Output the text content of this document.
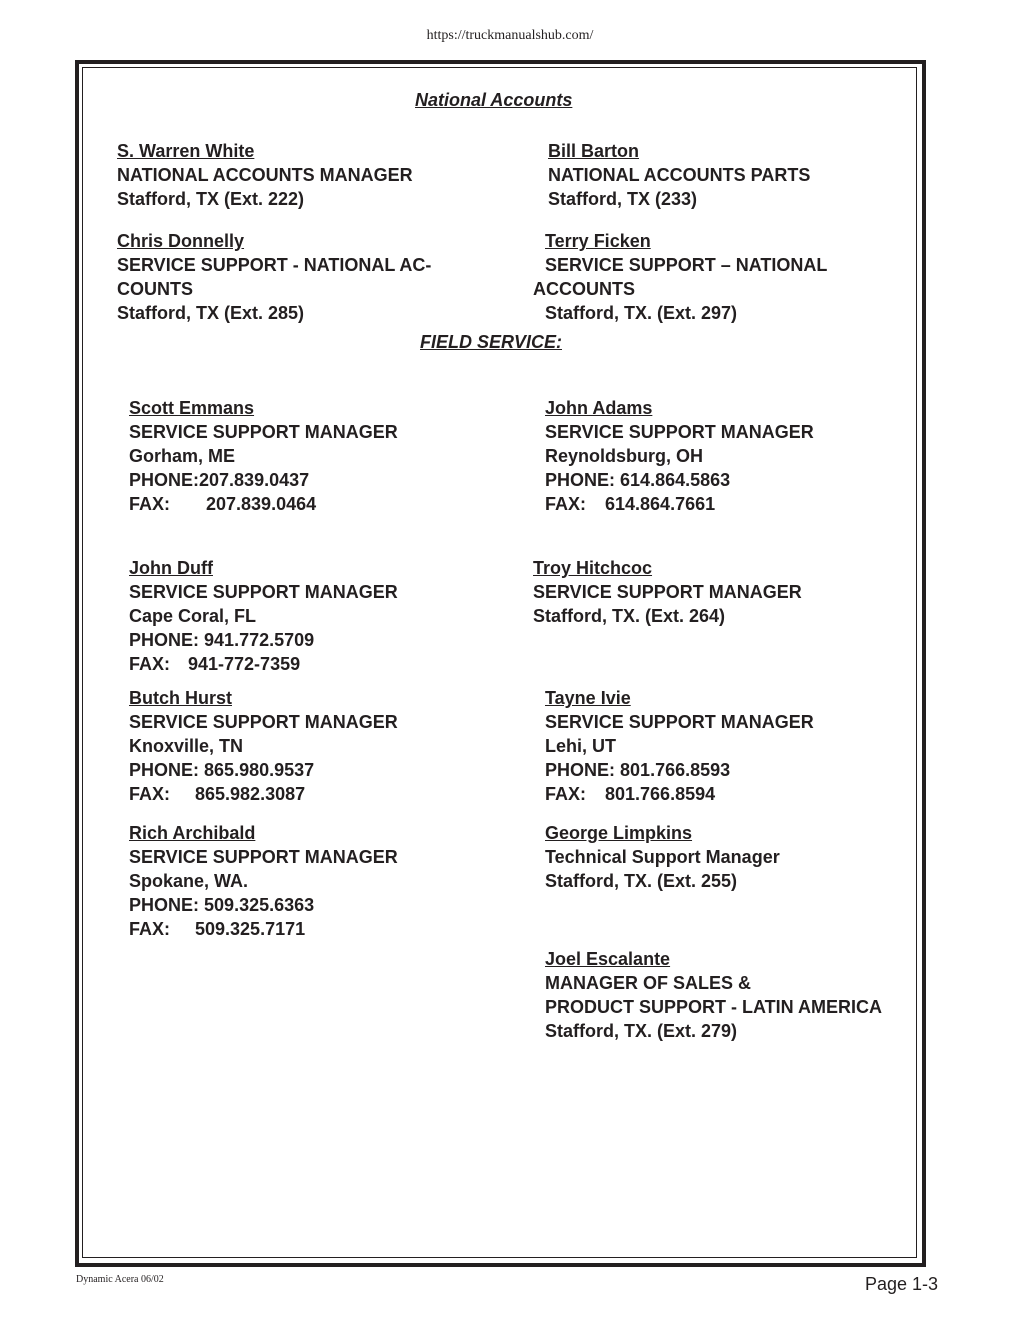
https://truckmanualshub.com/
National Accounts
S. Warren White
NATIONAL ACCOUNTS MANAGER
Stafford, TX (Ext. 222)
Bill Barton
NATIONAL ACCOUNTS PARTS
Stafford, TX (233)
Chris Donnelly
SERVICE SUPPORT - NATIONAL AC-
COUNTS
Stafford, TX (Ext. 285)
Terry Ficken
SERVICE SUPPORT – NATIONAL
ACCOUNTS
Stafford, TX. (Ext. 297)
FIELD SERVICE:
Scott Emmans
SERVICE SUPPORT MANAGER
Gorham, ME
PHONE:207.839.0437
FAX: 207.839.0464
John Adams
SERVICE SUPPORT MANAGER
Reynoldsburg, OH
PHONE: 614.864.5863
FAX: 614.864.7661
John Duff
SERVICE SUPPORT MANAGER
Cape Coral, FL
PHONE: 941.772.5709
FAX: 941-772-7359
Troy Hitchcoc
SERVICE SUPPORT MANAGER
Stafford, TX. (Ext. 264)
Butch Hurst
SERVICE SUPPORT MANAGER
Knoxville, TN
PHONE: 865.980.9537
FAX: 865.982.3087
Tayne Ivie
SERVICE SUPPORT MANAGER
Lehi, UT
PHONE: 801.766.8593
FAX: 801.766.8594
Rich Archibald
SERVICE SUPPORT MANAGER
Spokane, WA.
PHONE: 509.325.6363
FAX: 509.325.7171
George Limpkins
Technical Support Manager
Stafford, TX. (Ext. 255)
Joel Escalante
MANAGER OF SALES &
PRODUCT SUPPORT - LATIN AMERICA
Stafford, TX. (Ext. 279)
Dynamic Acera 06/02	Page 1-3
